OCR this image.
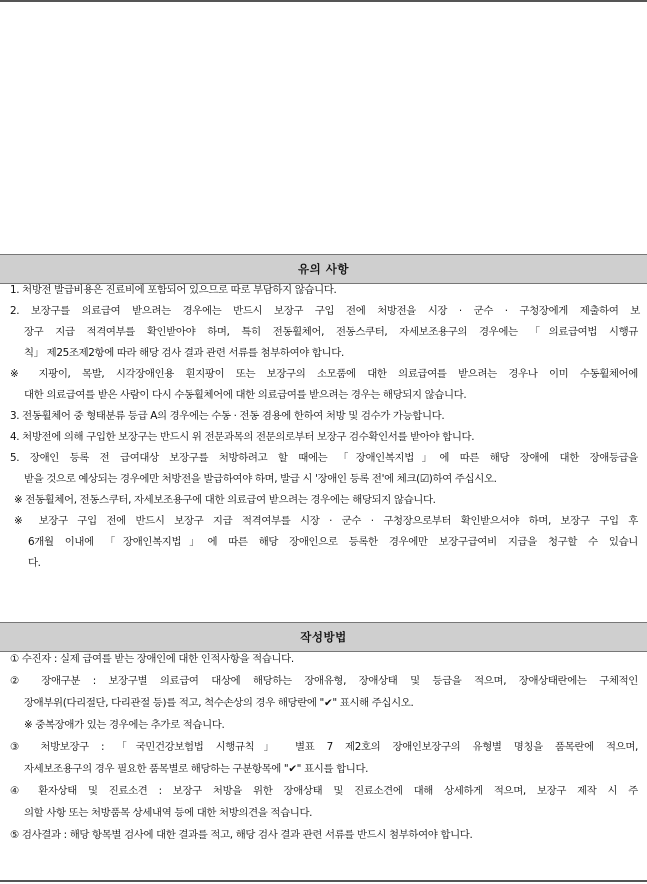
유의 사항
1. 처방전 발급비용은 진료비에 포함되어 있으므로 따로 부담하지 않습니다.
2. 보장구를 의료급여 받으려는 경우에는 반드시 보장구 구입 전에 처방전을 시장 · 군수 · 구청장에게 제출하여 보
장구 지급 적격여부를 확인받아야 하며, 특히 전동휠체어, 전동스쿠터, 자세보조용구의 경우에는 「의료급여법 시행규
칙」 제25조제2항에 따라 해당 검사 결과 관련 서류를 첨부하여야 합니다.
※ 지팡이, 목발, 시각장애인용 흰지팡이 또는 보장구의 소모품에 대한 의료급여를 받으려는 경우나 이미 수동휠체어에
대한 의료급여를 받은 사람이 다시 수동휠체어에 대한 의료급여를 받으려는 경우는 해당되지 않습니다.
3. 전동휠체어 중 형태분류 등급 A의 경우에는 수동 · 전동 겸용에 한하여 처방 및 검수가 가능합니다.
4. 처방전에 의해 구입한 보장구는 반드시 위 전문과목의 전문의로부터 보장구 검수확인서를 받아야 합니다.
5. 장애인 등록 전 급여대상 보장구를 처방하려고 할 때에는 「장애인복지법」에 따른 해당 장애에 대한 장애등급을
받을 것으로 예상되는 경우에만 처방전을 발급하여야 하며, 발급 시 '장애인 등록 전'에 체크(☑)하여 주십시오.
※ 전동휠체어, 전동스쿠터, 자세보조용구에 대한 의료급여 받으려는 경우에는 해당되지 않습니다.
※ 보장구 구입 전에 반드시 보장구 지급 적격여부를 시장 · 군수 · 구청장으로부터 확인받으셔야 하며, 보장구 구입 후
6개월 이내에 「장애인복지법」에 따른 해당 장애인으로 등록한 경우에만 보장구급여비 지급을 청구할 수 있습니
다.
작성방법
① 수진자 : 실제 급여를 받는 장애인에 대한 인적사항을 적습니다.
② 장애구분 : 보장구별 의료급여 대상에 해당하는 장애유형, 장애상태 및 등급을 적으며, 장애상태란에는 구체적인
장애부위(다리절단, 다리관절 등)를 적고, 척수손상의 경우 해당란에 "✔" 표시해 주십시오.
※ 중복장애가 있는 경우에는 추가로 적습니다.
③ 처방보장구 : 「국민건강보험법 시행규칙」 별표 7 제2호의 장애인보장구의 유형별 명칭을 품목란에 적으며,
자세보조용구의 경우 필요한 품목별로 해당하는 구분항목에 "✔" 표시를 합니다.
④ 환자상태 및 진료소견 : 보장구 처방을 위한 장애상태 및 진료소견에 대해 상세하게 적으며, 보장구 제작 시 주
의할 사항 또는 처방품목 상세내역 등에 대한 처방의견을 적습니다.
⑤ 검사결과 : 해당 항목별 검사에 대한 결과를 적고, 해당 검사 결과 관련 서류를 반드시 첨부하여야 합니다.
